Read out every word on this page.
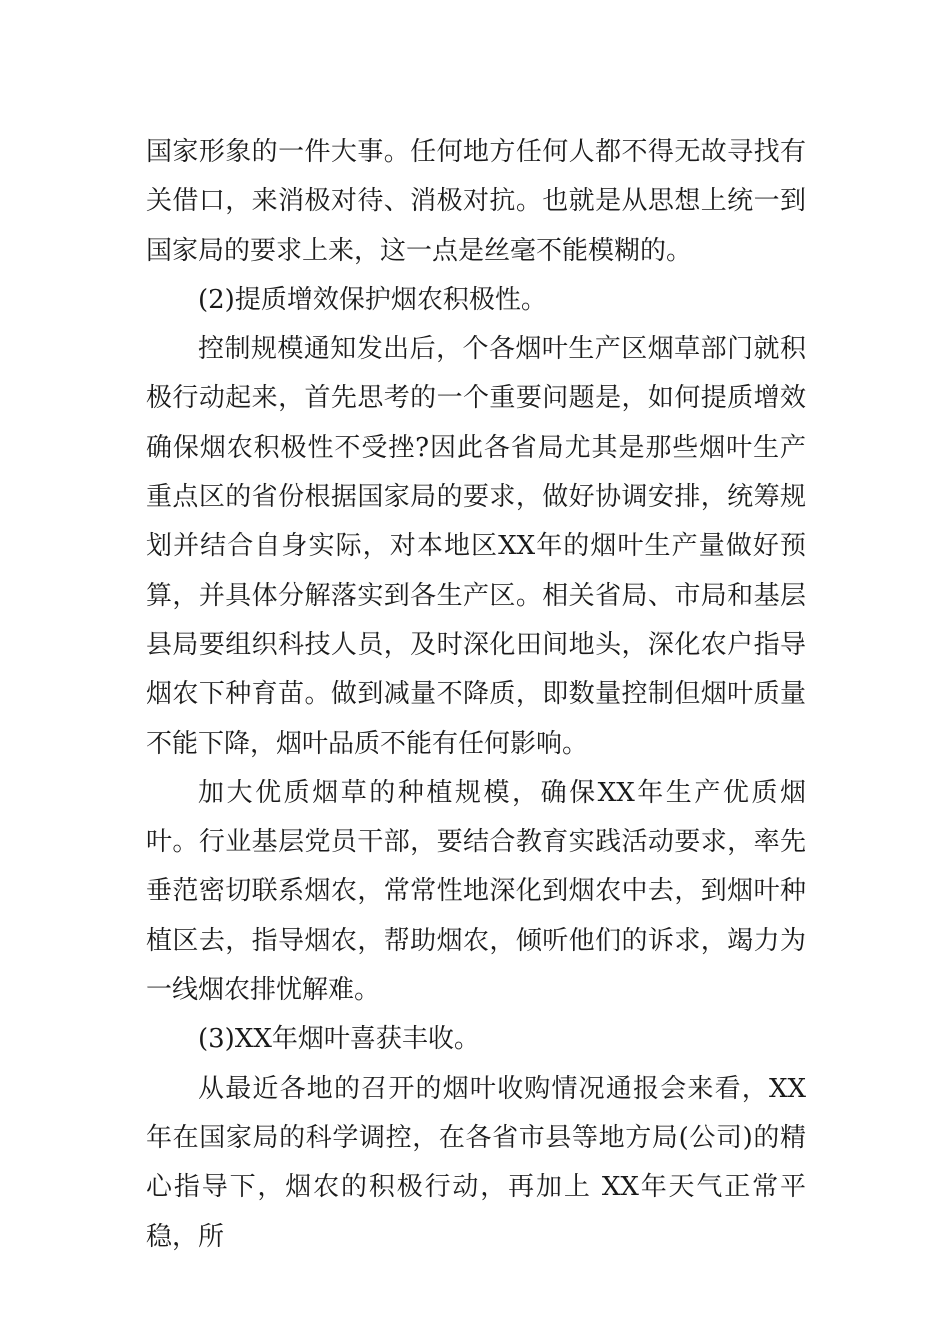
国家形象的一件大事。任何地方任何人都不得无故寻找有关借口，来消极对待、消极对抗。也就是从思想上统一到国家局的要求上来，这一点是丝毫不能模糊的。

(2)提质增效保护烟农积极性。

控制规模通知发出后，个各烟叶生产区烟草部门就积极行动起来，首先思考的一个重要问题是，如何提质增效确保烟农积极性不受挫?因此各省局尤其是那些烟叶生产重点区的省份根据国家局的要求，做好协调安排，统筹规划并结合自身实际，对本地区XX年的烟叶生产量做好预算，并具体分解落实到各生产区。相关省局、市局和基层县局要组织科技人员，及时深化田间地头，深化农户指导烟农下种育苗。做到减量不降质，即数量控制但烟叶质量不能下降，烟叶品质不能有任何影响。

加大优质烟草的种植规模，确保XX年生产优质烟叶。行业基层党员干部，要结合教育实践活动要求，率先垂范密切联系烟农，常常性地深化到烟农中去，到烟叶种植区去，指导烟农，帮助烟农，倾听他们的诉求，竭力为一线烟农排忧解难。

(3)XX年烟叶喜获丰收。

从最近各地的召开的烟叶收购情况通报会来看，XX年在国家局的科学调控，在各省市县等地方局(公司)的精心指导下，烟农的积极行动，再加上 XX年天气正常平稳，所
